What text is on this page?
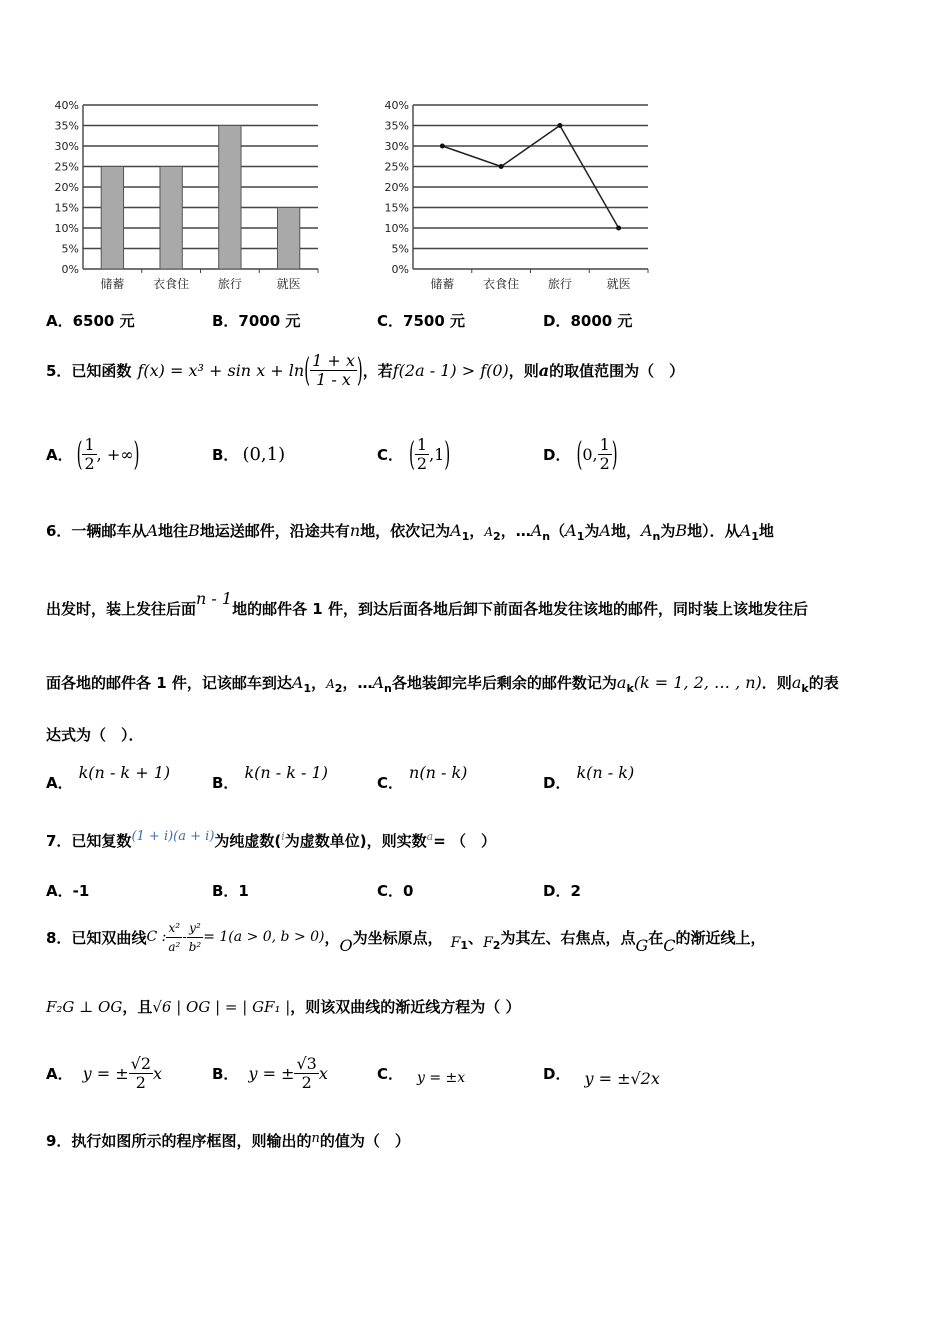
40%
35%
30%
25%
20%
15%
10%
5%
0%
储蓄 衣食住 旅行	就医
40%
35%
30%
25%
20%
15%
10%
5%
0%
储蓄 衣食住 旅行	就医
A．6500 元	B．7000 元	C．7500 元	D．8000 元
5．已知函数 f(x) = x³ + sin x + ln ( $\frac{1 + x}{1 - x}$ ) ，若 f(2a - 1) > f(0) ，则 a 的取值范围为（　）
A． ( $\frac{1}{2}$ , +∞ )	B． (0,1)	C． ( $\frac{1}{2} ,1$ )	D． ( 0, $\frac{1}{2}$ )
6．一辆邮车从A地往B地运送邮件，沿途共有n地，依次记为$A_1$，$A_2$，$\dots A_n(A_1$为A地，$A_n$为B地）．从$A_1$地
出发时，装上发往后面n - 1地的邮件各 1 件，到达后面各地后卸下前面各地发往该地的邮件，同时装上该地发往后
面各地的邮件各 1 件，记该邮车到达$A_1$，$A_2$，$\dots A_n$各地装卸完毕后剩余的邮件数记为$a_k(k = 1$, 2, … , n)．则$a_k$的表
达式为（　）．
A．k(n - k + 1)
B．k(n - k - 1)
C．n(n - k)
D．k(n - k)
7．已知复数(1 + i)(a + i)为纯虚数($^i$为虚数单位)，则实数$^a$= （　）
A．-1	B．1	C．0	D．2
8．已知双曲线 C : $\frac{\text{x²}}{\text{a²}} - \frac{\text{y²}}{\text{b²}} = 1(a > 0$, b > 0) ， O 为坐标原点， $F_1$ 、 $F_2$ 为其左、右焦点，点 G 在 C 的渐近线上，
F₂G ⊥ OG，且√6 | OG | = | GF₁ |，则该双曲线的渐近线方程为（ ）
A． y = ± $\frac{√2}{2}$ x	B． y = ± $\frac{√3}{2}$ x	C． y = ±x	D． y = ±√2x
9．执行如图所示的程序框图，则输出的n的值为（　）
